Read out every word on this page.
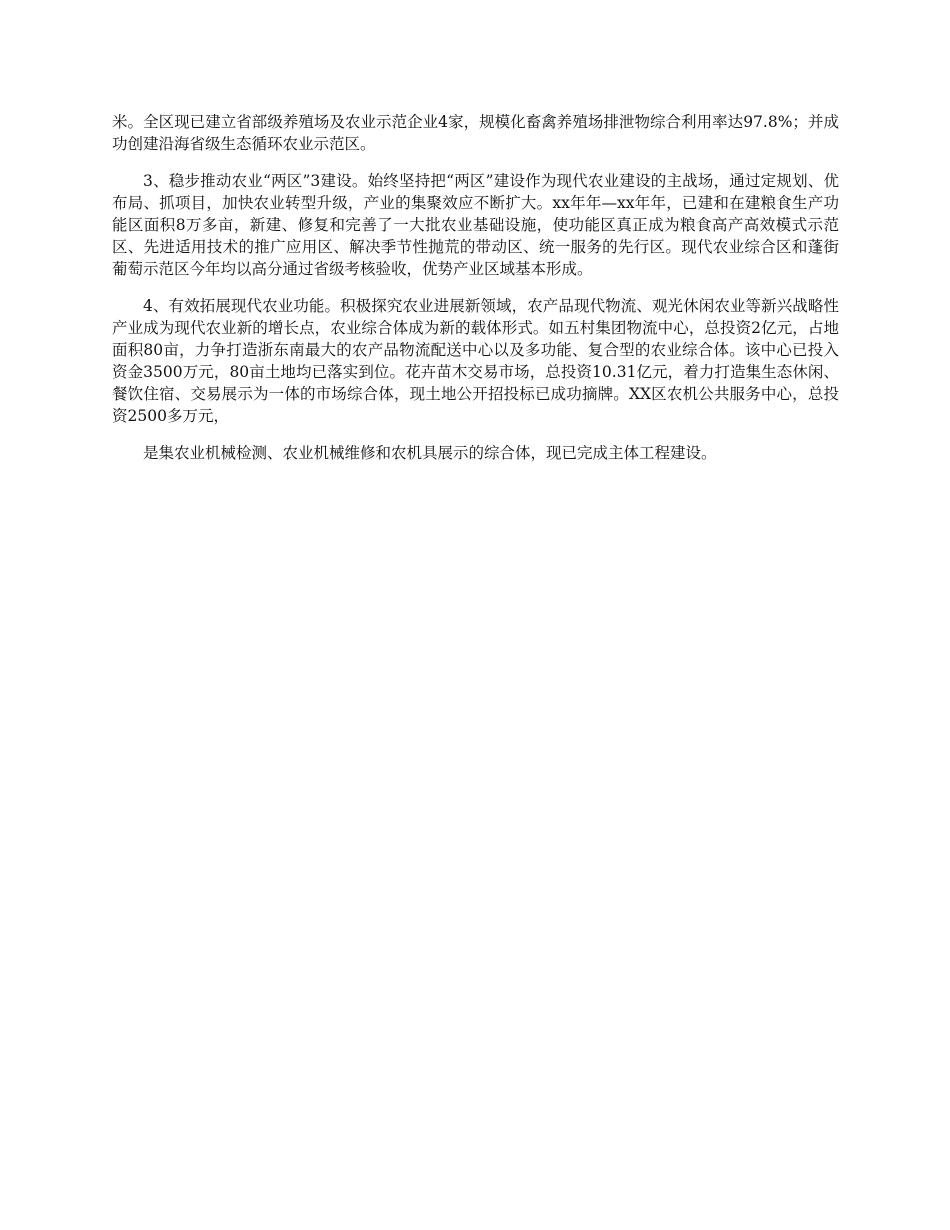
米。全区现已建立省部级养殖场及农业示范企业4家，规模化畜禽养殖场排泄物综合利用率达97.8%；并成功创建沿海省级生态循环农业示范区。

3、稳步推动农业“两区”3建设。始终坚持把“两区”建设作为现代农业建设的主战场，通过定规划、优布局、抓项目，加快农业转型升级，产业的集聚效应不断扩大。xx年年—xx年年，已建和在建粮食生产功能区面积8万多亩，新建、修复和完善了一大批农业基础设施，使功能区真正成为粮食高产高效模式示范区、先进适用技术的推广应用区、解决季节性抛荒的带动区、统一服务的先行区。现代农业综合区和蓬街葡萄示范区今年均以高分通过省级考核验收，优势产业区域基本形成。

4、有效拓展现代农业功能。积极探究农业进展新领域，农产品现代物流、观光休闲农业等新兴战略性产业成为现代农业新的增长点，农业综合体成为新的载体形式。如五村集团物流中心，总投资2亿元，占地面积80亩，力争打造浙东南最大的农产品物流配送中心以及多功能、复合型的农业综合体。该中心已投入资金3500万元，80亩土地均已落实到位。花卉苗木交易市场，总投资10.31亿元，着力打造集生态休闲、餐饮住宿、交易展示为一体的市场综合体，现土地公开招投标已成功摘牌。XX区农机公共服务中心，总投资2500多万元，

是集农业机械检测、农业机械维修和农机具展示的综合体，现已完成主体工程建设。
